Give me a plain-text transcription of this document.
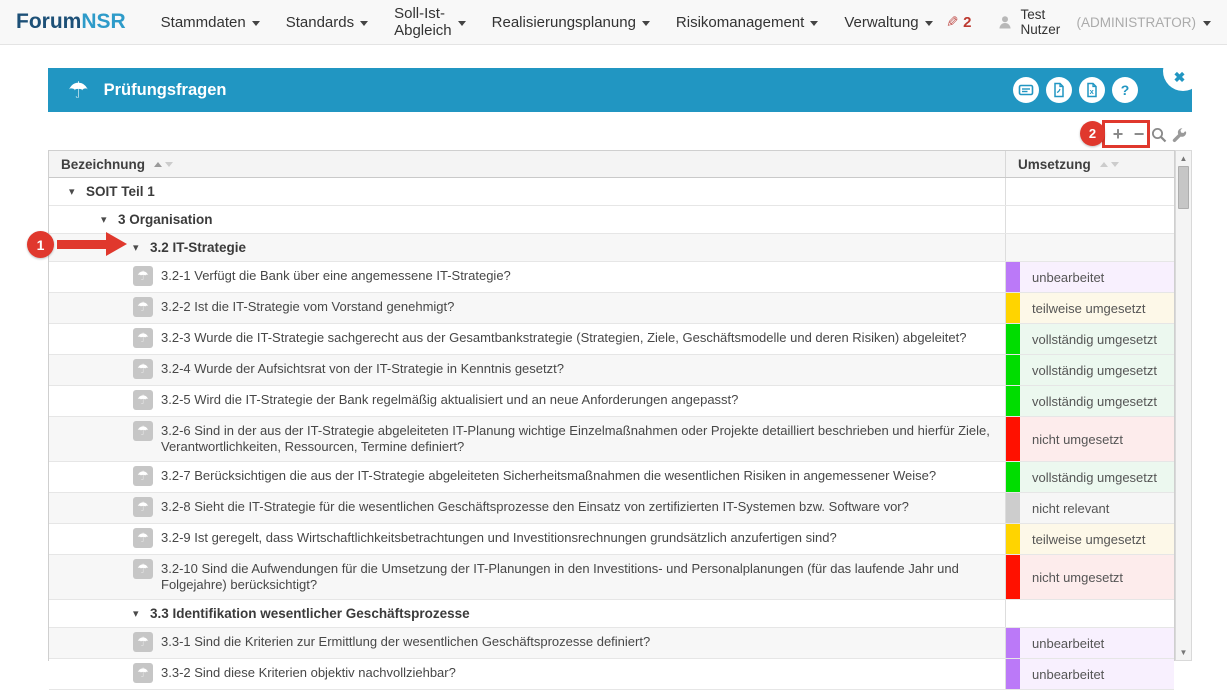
ForumNSR Stammdaten	Standards	Soll-Ist-Abgleich	Realisierungsplanung	Risikomanagement	Verwaltung ✎ 2	Test Nutzer	(ADMINISTRATOR)
☂ Prüfungsfragen	x ?
✖
+ −
2
1
Bezeichnung	Umsetzung
▾ SOIT Teil 1
▾ 3 Organisation
▾ 3.2 IT-Strategie
☂ 3.2-1 Verfügt die Bank über eine angemessene IT-Strategie?	unbearbeitet
☂ 3.2-2 Ist die IT-Strategie vom Vorstand genehmigt?	teilweise umgesetzt
☂ 3.2-3 Wurde die IT-Strategie sachgerecht aus der Gesamtbankstrategie (Strategien, Ziele, Geschäftsmodelle und deren Risiken) abgeleitet?	vollständig umgesetzt
☂ 3.2-4 Wurde der Aufsichtsrat von der IT-Strategie in Kenntnis gesetzt?	vollständig umgesetzt
☂ 3.2-5 Wird die IT-Strategie der Bank regelmäßig aktualisiert und an neue Anforderungen angepasst?	vollständig umgesetzt
☂ 3.2-6 Sind in der aus der IT-Strategie abgeleiteten IT-Planung wichtige Einzelmaßnahmen oder Projekte detailliert beschrieben und hierfür Ziele, Verantwortlichkeiten, Ressourcen, Termine definiert?	nicht umgesetzt
☂ 3.2-7 Berücksichtigen die aus der IT-Strategie abgeleiteten Sicherheitsmaßnahmen die wesentlichen Risiken in angemessener Weise?	vollständig umgesetzt
☂ 3.2-8 Sieht die IT-Strategie für die wesentlichen Geschäftsprozesse den Einsatz von zertifizierten IT-Systemen bzw. Software vor?	nicht relevant
☂ 3.2-9 Ist geregelt, dass Wirtschaftlichkeitsbetrachtungen und Investitionsrechnungen grundsätzlich anzufertigen sind?	teilweise umgesetzt
☂ 3.2-10 Sind die Aufwendungen für die Umsetzung der IT-Planungen in den Investitions- und Personalplanungen (für das laufende Jahr und Folgejahre) berücksichtigt?	nicht umgesetzt
▾ 3.3 Identifikation wesentlicher Geschäftsprozesse
☂ 3.3-1 Sind die Kriterien zur Ermittlung der wesentlichen Geschäftsprozesse definiert?	unbearbeitet
☂ 3.3-2 Sind diese Kriterien objektiv nachvollziehbar?	unbearbeitet
▲
▼
